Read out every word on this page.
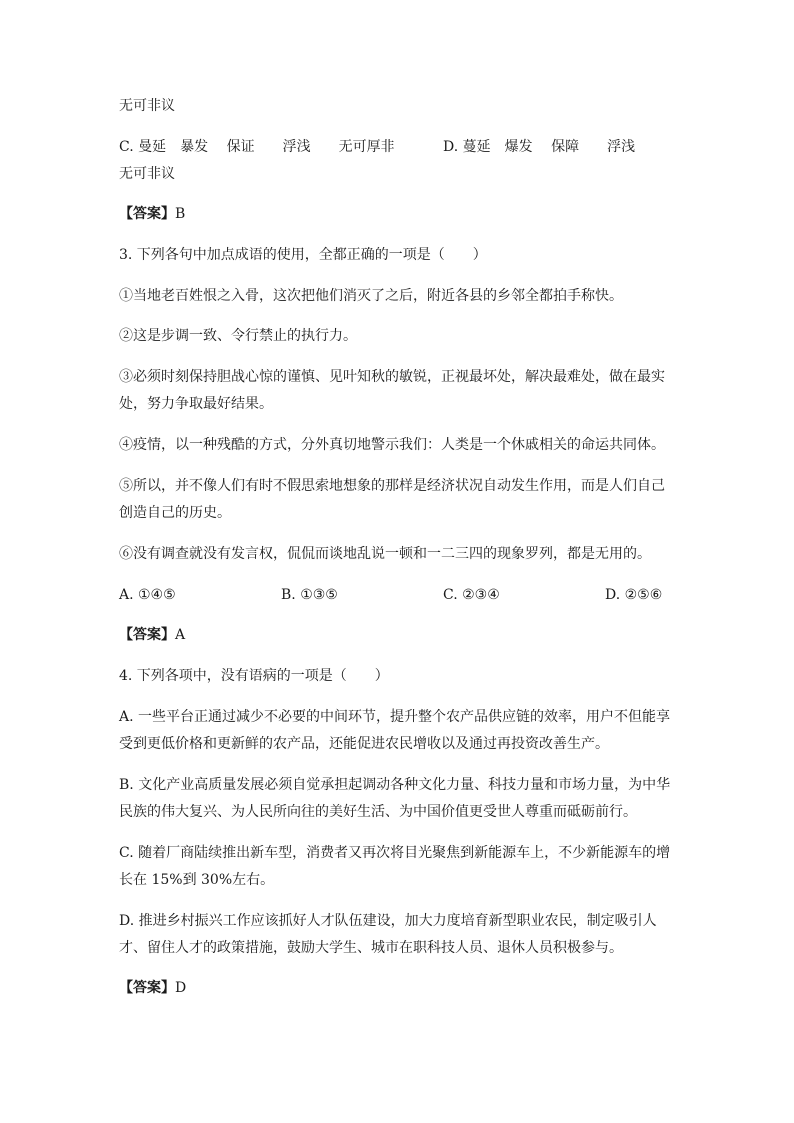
无可非议
C. 曼延　暴发　 保证　　浮浅　　无可厚非	D. 蔓延　爆发　 保障　　浮浅
无可非议
【答案】B
3. 下列各句中加点成语的使用，全都正确的一项是（　　）
①当地老百姓恨之入骨，这次把他们消灭了之后，附近各县的乡邻全都拍手称快。
②这是步调一致、令行禁止的执行力。
③必须时刻保持胆战心惊的谨慎、见叶知秋的敏锐，正视最坏处，解决最难处，做在最实
处，努力争取最好结果。
④疫情，以一种残酷的方式，分外真切地警示我们：人类是一个休戚相关的命运共同体。
⑤所以，并不像人们有时不假思索地想象的那样是经济状况自动发生作用，而是人们自己
创造自己的历史。
⑥没有调查就没有发言权，侃侃而谈地乱说一顿和一二三四的现象罗列，都是无用的。
A. ①④⑤	B. ①③⑤	C. ②③④	D. ②⑤⑥
【答案】A
4. 下列各项中，没有语病的一项是（　　）
A. 一些平台正通过减少不必要的中间环节，提升整个农产品供应链的效率，用户不但能享
受到更低价格和更新鲜的农产品，还能促进农民增收以及通过再投资改善生产。
B. 文化产业高质量发展必须自觉承担起调动各种文化力量、科技力量和市场力量，为中华
民族的伟大复兴、为人民所向往的美好生活、为中国价值更受世人尊重而砥砺前行。
C. 随着厂商陆续推出新车型，消费者又再次将目光聚焦到新能源车上，不少新能源车的增
长在 15%到 30%左右。
D. 推进乡村振兴工作应该抓好人才队伍建设，加大力度培育新型职业农民，制定吸引人
才、留住人才的政策措施，鼓励大学生、城市在职科技人员、退休人员积极参与。
【答案】D
